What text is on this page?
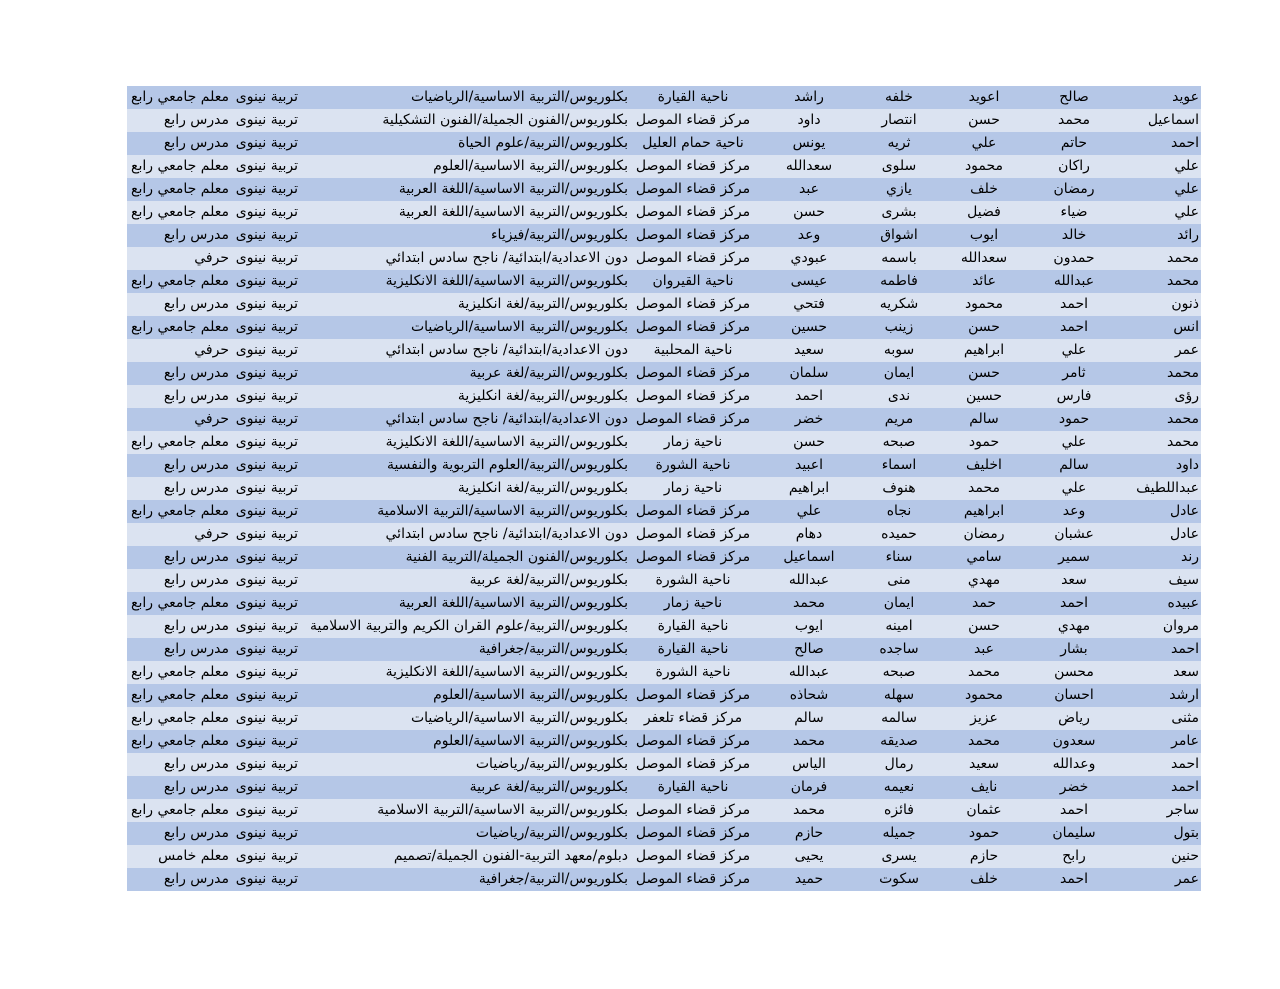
عويد
صالح
اعويد
خلفه
راشد
ناحية القيارة
بكلوريوس/التربية الاساسية/الرياضيات
تربية نينوى
معلم جامعي رابع
اسماعيل
محمد
حسن
انتصار
داود
مركز قضاء الموصل
بكلوريوس/الفنون الجميلة/الفنون التشكيلية
تربية نينوى
مدرس رابع
احمد
حاتم
علي
ثريه
يونس
ناحية حمام العليل
بكلوريوس/التربية/علوم الحياة
تربية نينوى
مدرس رابع
علي
راكان
محمود
سلوى
سعدالله
مركز قضاء الموصل
بكلوريوس/التربية الاساسية/العلوم
تربية نينوى
معلم جامعي رابع
علي
رمضان
خلف
يازي
عبد
مركز قضاء الموصل
بكلوريوس/التربية الاساسية/اللغة العربية
تربية نينوى
معلم جامعي رابع
علي
ضياء
فضيل
بشرى
حسن
مركز قضاء الموصل
بكلوريوس/التربية الاساسية/اللغة العربية
تربية نينوى
معلم جامعي رابع
رائد
خالد
ايوب
اشواق
وعد
مركز قضاء الموصل
بكلوريوس/التربية/فيزياء
تربية نينوى
مدرس رابع
محمد
حمدون
سعدالله
باسمه
عبودي
مركز قضاء الموصل
دون الاعدادية/ابتدائية/ ناجح سادس ابتدائي
تربية نينوى
حرفي
محمد
عبدالله
عائد
فاطمه
عيسى
ناحية القيروان
بكلوريوس/التربية الاساسية/اللغة الانكليزية
تربية نينوى
معلم جامعي رابع
ذنون
احمد
محمود
شكريه
فتحي
مركز قضاء الموصل
بكلوريوس/التربية/لغة انكليزية
تربية نينوى
مدرس رابع
انس
احمد
حسن
زينب
حسين
مركز قضاء الموصل
بكلوريوس/التربية الاساسية/الرياضيات
تربية نينوى
معلم جامعي رابع
عمر
علي
ابراهيم
سوبه
سعيد
ناحية المحلبية
دون الاعدادية/ابتدائية/ ناجح سادس ابتدائي
تربية نينوى
حرفي
محمد
ثامر
حسن
ايمان
سلمان
مركز قضاء الموصل
بكلوريوس/التربية/لغة عربية
تربية نينوى
مدرس رابع
رؤى
فارس
حسين
ندى
احمد
مركز قضاء الموصل
بكلوريوس/التربية/لغة انكليزية
تربية نينوى
مدرس رابع
محمد
حمود
سالم
مريم
خضر
مركز قضاء الموصل
دون الاعدادية/ابتدائية/ ناجح سادس ابتدائي
تربية نينوى
حرفي
محمد
علي
حمود
صبحه
حسن
ناحية زمار
بكلوريوس/التربية الاساسية/اللغة الانكليزية
تربية نينوى
معلم جامعي رابع
داود
سالم
اخليف
اسماء
اعبيد
ناحية الشورة
بكلوريوس/التربية/العلوم التربوية والنفسية
تربية نينوى
مدرس رابع
عبداللطيف
علي
محمد
هنوف
ابراهيم
ناحية زمار
بكلوريوس/التربية/لغة انكليزية
تربية نينوى
مدرس رابع
عادل
وعد
ابراهيم
نجاه
علي
مركز قضاء الموصل
بكلوريوس/التربية الاساسية/التربية الاسلامية
تربية نينوى
معلم جامعي رابع
عادل
عشبان
رمضان
حميده
دهام
مركز قضاء الموصل
دون الاعدادية/ابتدائية/ ناجح سادس ابتدائي
تربية نينوى
حرفي
رند
سمير
سامي
سناء
اسماعيل
مركز قضاء الموصل
بكلوريوس/الفنون الجميلة/التربية الفنية
تربية نينوى
مدرس رابع
سيف
سعد
مهدي
منى
عبدالله
ناحية الشورة
بكلوريوس/التربية/لغة عربية
تربية نينوى
مدرس رابع
عبيده
احمد
حمد
ايمان
محمد
ناحية زمار
بكلوريوس/التربية الاساسية/اللغة العربية
تربية نينوى
معلم جامعي رابع
مروان
مهدي
حسن
امينه
ايوب
ناحية القيارة
بكلوريوس/التربية/علوم القران الكريم والتربية الاسلامية
تربية نينوى
مدرس رابع
احمد
بشار
عبد
ساجده
صالح
ناحية القيارة
بكلوريوس/التربية/جغرافية
تربية نينوى
مدرس رابع
سعد
محسن
محمد
صبحه
عبدالله
ناحية الشورة
بكلوريوس/التربية الاساسية/اللغة الانكليزية
تربية نينوى
معلم جامعي رابع
ارشد
احسان
محمود
سهله
شحاذه
مركز قضاء الموصل
بكلوريوس/التربية الاساسية/العلوم
تربية نينوى
معلم جامعي رابع
مثنى
رياض
عزيز
سالمه
سالم
مركز قضاء تلعفر
بكلوريوس/التربية الاساسية/الرياضيات
تربية نينوى
معلم جامعي رابع
عامر
سعدون
محمد
صديقه
محمد
مركز قضاء الموصل
بكلوريوس/التربية الاساسية/العلوم
تربية نينوى
معلم جامعي رابع
احمد
وعدالله
سعيد
رمال
الياس
مركز قضاء الموصل
بكلوريوس/التربية/رياضيات
تربية نينوى
مدرس رابع
احمد
خضر
نايف
نعيمه
فرمان
ناحية القيارة
بكلوريوس/التربية/لغة عربية
تربية نينوى
مدرس رابع
ساجر
احمد
عثمان
فائزه
محمد
مركز قضاء الموصل
بكلوريوس/التربية الاساسية/التربية الاسلامية
تربية نينوى
معلم جامعي رابع
بتول
سليمان
حمود
جميله
حازم
مركز قضاء الموصل
بكلوريوس/التربية/رياضيات
تربية نينوى
مدرس رابع
حنين
رابح
حازم
يسرى
يحيى
مركز قضاء الموصل
دبلوم/معهد التربية-الفنون الجميلة/تصميم
تربية نينوى
معلم خامس
عمر
احمد
خلف
سكوت
حميد
مركز قضاء الموصل
بكلوريوس/التربية/جغرافية
تربية نينوى
مدرس رابع
